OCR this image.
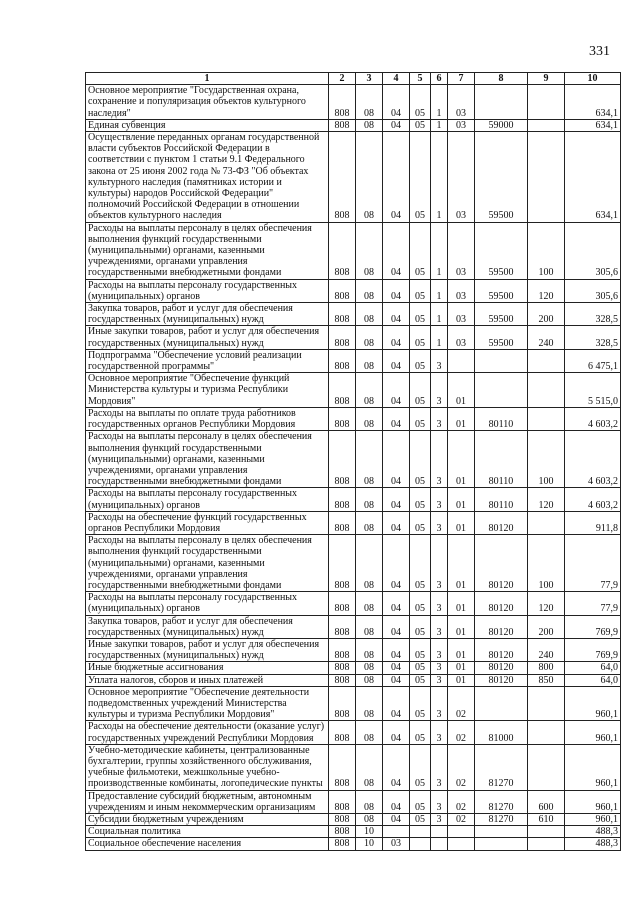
331
1	2	3	4	5	6	7	8	9	10
Основное мероприятие "Государственная охрана, сохранение и популяризация объектов культурного наследия"	808	08	04	05	1	03			634,1
Единая субвенция	808	08	04	05	1	03	59000		634,1
Осуществление переданных органам государственной власти субъектов Российской Федерации в соответствии с пунктом 1 статьи 9.1 Федерального закона от 25 июня 2002 года № 73-ФЗ "Об объектах культурного наследия (памятниках истории и культуры) народов Российской Федерации" полномочий Российской Федерации в отношении объектов культурного наследия	808	08	04	05	1	03	59500		634,1
Расходы на выплаты персоналу в целях обеспечения выполнения функций государственными (муниципальными) органами, казенными учреждениями, органами управления государственными внебюджетными фондами	808	08	04	05	1	03	59500	100	305,6
Расходы на выплаты персоналу государственных (муниципальных) органов	808	08	04	05	1	03	59500	120	305,6
Закупка товаров, работ и услуг для обеспечения государственных (муниципальных) нужд	808	08	04	05	1	03	59500	200	328,5
Иные закупки товаров, работ и услуг для обеспечения государственных (муниципальных) нужд	808	08	04	05	1	03	59500	240	328,5
Подпрограмма "Обеспечение условий реализации государственной программы"	808	08	04	05	3				6 475,1
Основное мероприятие "Обеспечение функций Министерства культуры и туризма Республики Мордовия"	808	08	04	05	3	01			5 515,0
Расходы на выплаты по оплате труда работников государственных органов Республики Мордовия	808	08	04	05	3	01	80110		4 603,2
Расходы на выплаты персоналу в целях обеспечения выполнения функций государственными (муниципальными) органами, казенными учреждениями, органами управления государственными внебюджетными фондами	808	08	04	05	3	01	80110	100	4 603,2
Расходы на выплаты персоналу государственных (муниципальных) органов	808	08	04	05	3	01	80110	120	4 603,2
Расходы на обеспечение функций государственных органов Республики Мордовия	808	08	04	05	3	01	80120		911,8
Расходы на выплаты персоналу в целях обеспечения выполнения функций государственными (муниципальными) органами, казенными учреждениями, органами управления государственными внебюджетными фондами	808	08	04	05	3	01	80120	100	77,9
Расходы на выплаты персоналу государственных (муниципальных) органов	808	08	04	05	3	01	80120	120	77,9
Закупка товаров, работ и услуг для обеспечения государственных (муниципальных) нужд	808	08	04	05	3	01	80120	200	769,9
Иные закупки товаров, работ и услуг для обеспечения государственных (муниципальных) нужд	808	08	04	05	3	01	80120	240	769,9
Иные бюджетные ассигнования	808	08	04	05	3	01	80120	800	64,0
Уплата налогов, сборов и иных платежей	808	08	04	05	3	01	80120	850	64,0
Основное мероприятие "Обеспечение деятельности подведомственных учреждений Министерства культуры и туризма Республики Мордовия"	808	08	04	05	3	02			960,1
Расходы на обеспечение деятельности (оказание услуг) государственных учреждений Республики Мордовия	808	08	04	05	3	02	81000		960,1
Учебно-методические кабинеты, централизованные бухгалтерии, группы хозяйственного обслуживания, учебные фильмотеки, межшкольные учебно-производственные комбинаты, логопедические пункты	808	08	04	05	3	02	81270		960,1
Предоставление субсидий бюджетным, автономным учреждениям и иным некоммерческим организациям	808	08	04	05	3	02	81270	600	960,1
Субсидии бюджетным учреждениям	808	08	04	05	3	02	81270	610	960,1
Социальная политика	808	10							488,3
Социальное обеспечение населения	808	10	03						488,3
